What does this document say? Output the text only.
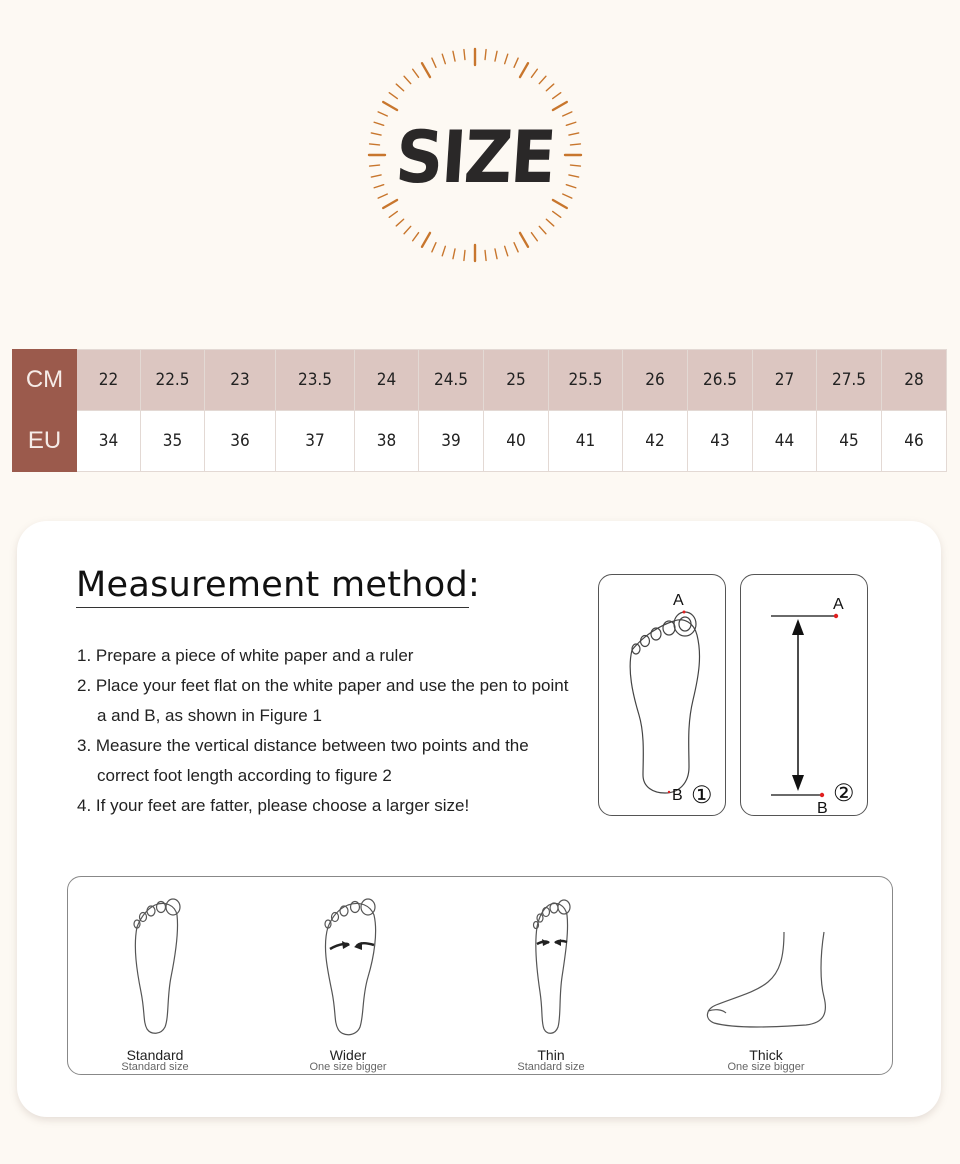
SIZE
CM	22	22.5	23	23.5	24	24.5	25	25.5	26	26.5	27	27.5	28
EU	34	35	36	37	38	39	40	41	42	43	44	45	46
Measurement method:
1. Prepare a piece of white paper and a ruler
2. Place your feet flat on the white paper and use the pen to point a and B, as shown in Figure 1
3. Measure the vertical distance between two points and the correct foot length according to figure 2
4. If your feet are fatter, please choose a larger size!
A
B ①
A
B
②
Standard
Standard size
Wider
One size bigger
Thin
Standard size
Thick
One size bigger
